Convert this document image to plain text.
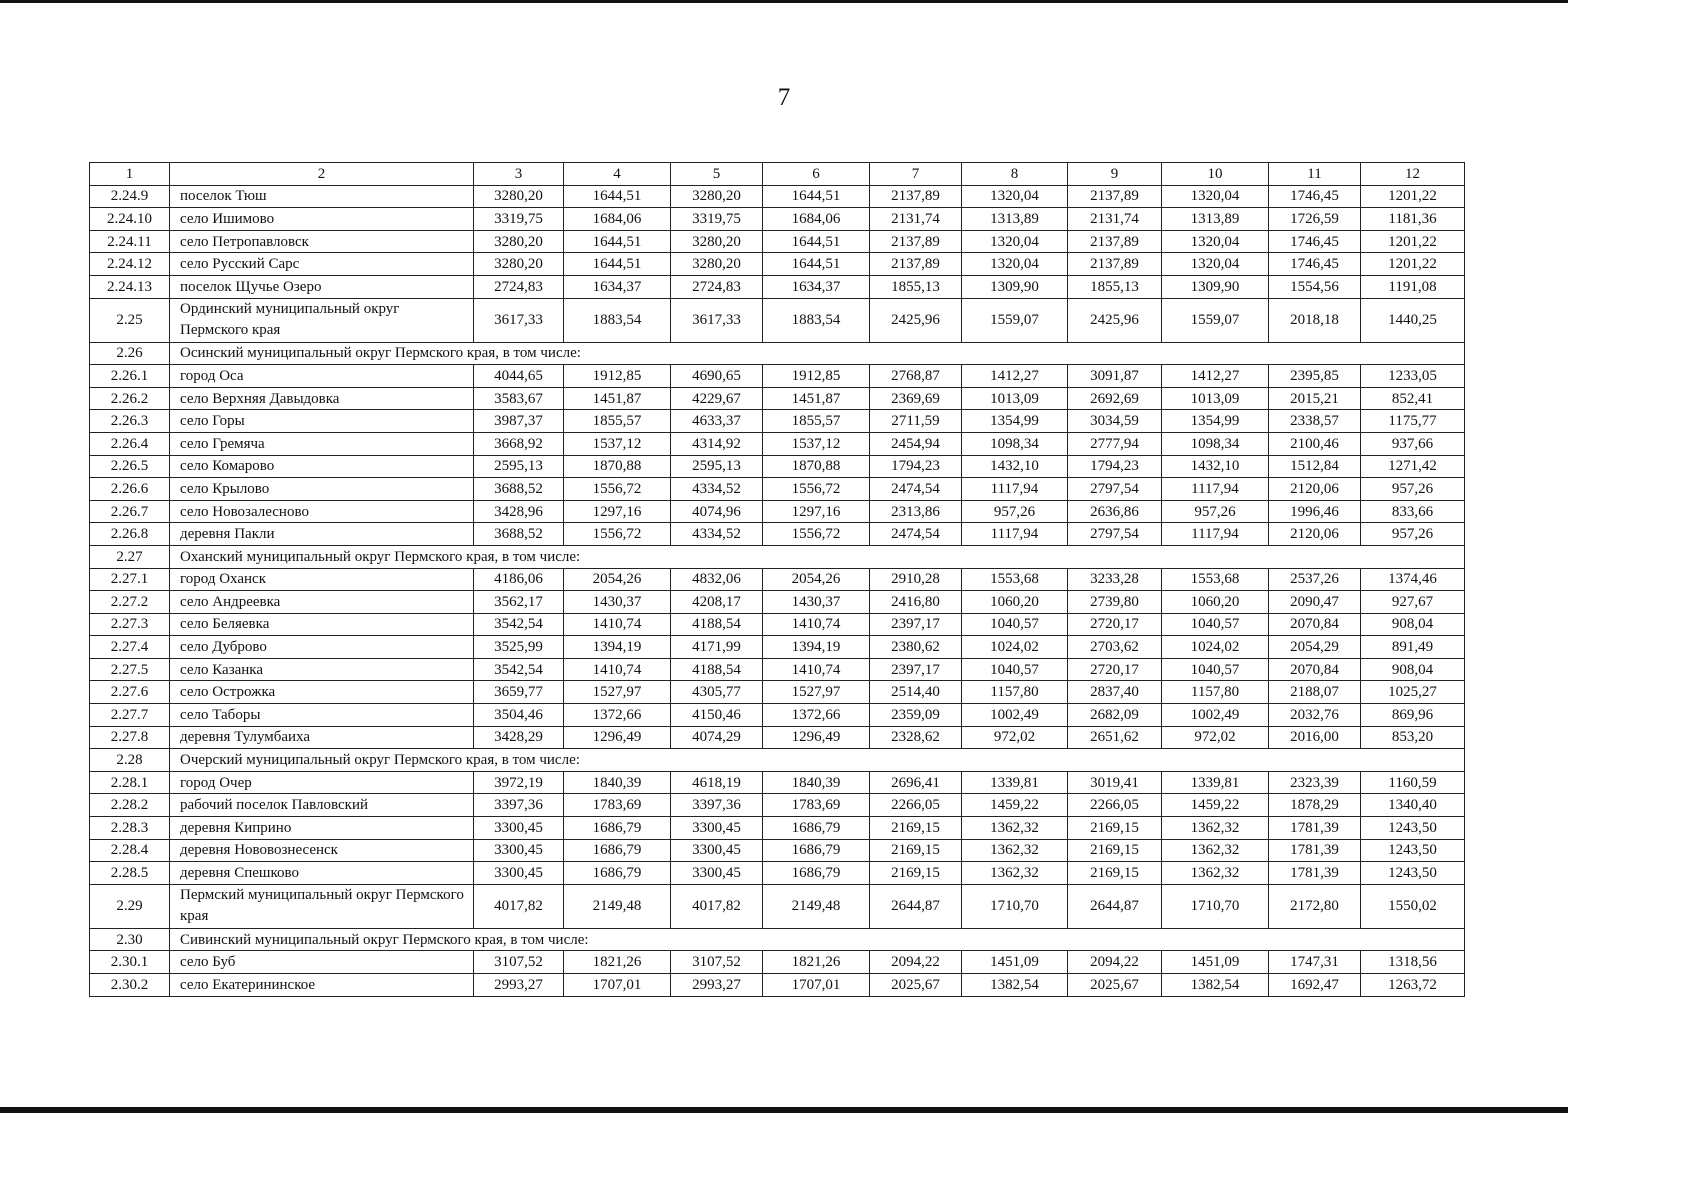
7
1	2	3	4	5	6	7	8	9	10	11	12
2.24.9	поселок Тюш	3280,20	1644,51	3280,20	1644,51	2137,89	1320,04	2137,89	1320,04	1746,45	1201,22
2.24.10	село Ишимово	3319,75	1684,06	3319,75	1684,06	2131,74	1313,89	2131,74	1313,89	1726,59	1181,36
2.24.11	село Петропавловск	3280,20	1644,51	3280,20	1644,51	2137,89	1320,04	2137,89	1320,04	1746,45	1201,22
2.24.12	село Русский Сарс	3280,20	1644,51	3280,20	1644,51	2137,89	1320,04	2137,89	1320,04	1746,45	1201,22
2.24.13	поселок Щучье Озеро	2724,83	1634,37	2724,83	1634,37	1855,13	1309,90	1855,13	1309,90	1554,56	1191,08
2.25	Ординский муниципальный округ Пермского края	3617,33	1883,54	3617,33	1883,54	2425,96	1559,07	2425,96	1559,07	2018,18	1440,25
2.26	Осинский муниципальный округ Пермского края, в том числе:										
2.26.1	город Оса	4044,65	1912,85	4690,65	1912,85	2768,87	1412,27	3091,87	1412,27	2395,85	1233,05
2.26.2	село Верхняя Давыдовка	3583,67	1451,87	4229,67	1451,87	2369,69	1013,09	2692,69	1013,09	2015,21	852,41
2.26.3	село Горы	3987,37	1855,57	4633,37	1855,57	2711,59	1354,99	3034,59	1354,99	2338,57	1175,77
2.26.4	село Гремяча	3668,92	1537,12	4314,92	1537,12	2454,94	1098,34	2777,94	1098,34	2100,46	937,66
2.26.5	село Комарово	2595,13	1870,88	2595,13	1870,88	1794,23	1432,10	1794,23	1432,10	1512,84	1271,42
2.26.6	село Крылово	3688,52	1556,72	4334,52	1556,72	2474,54	1117,94	2797,54	1117,94	2120,06	957,26
2.26.7	село Новозалесново	3428,96	1297,16	4074,96	1297,16	2313,86	957,26	2636,86	957,26	1996,46	833,66
2.26.8	деревня Пакли	3688,52	1556,72	4334,52	1556,72	2474,54	1117,94	2797,54	1117,94	2120,06	957,26
2.27	Оханский муниципальный округ Пермского края, в том числе:										
2.27.1	город Оханск	4186,06	2054,26	4832,06	2054,26	2910,28	1553,68	3233,28	1553,68	2537,26	1374,46
2.27.2	село Андреевка	3562,17	1430,37	4208,17	1430,37	2416,80	1060,20	2739,80	1060,20	2090,47	927,67
2.27.3	село Беляевка	3542,54	1410,74	4188,54	1410,74	2397,17	1040,57	2720,17	1040,57	2070,84	908,04
2.27.4	село Дуброво	3525,99	1394,19	4171,99	1394,19	2380,62	1024,02	2703,62	1024,02	2054,29	891,49
2.27.5	село Казанка	3542,54	1410,74	4188,54	1410,74	2397,17	1040,57	2720,17	1040,57	2070,84	908,04
2.27.6	село Острожка	3659,77	1527,97	4305,77	1527,97	2514,40	1157,80	2837,40	1157,80	2188,07	1025,27
2.27.7	село Таборы	3504,46	1372,66	4150,46	1372,66	2359,09	1002,49	2682,09	1002,49	2032,76	869,96
2.27.8	деревня Тулумбаиха	3428,29	1296,49	4074,29	1296,49	2328,62	972,02	2651,62	972,02	2016,00	853,20
2.28	Очерский муниципальный округ Пермского края, в том числе:										
2.28.1	город Очер	3972,19	1840,39	4618,19	1840,39	2696,41	1339,81	3019,41	1339,81	2323,39	1160,59
2.28.2	рабочий поселок Павловский	3397,36	1783,69	3397,36	1783,69	2266,05	1459,22	2266,05	1459,22	1878,29	1340,40
2.28.3	деревня Киприно	3300,45	1686,79	3300,45	1686,79	2169,15	1362,32	2169,15	1362,32	1781,39	1243,50
2.28.4	деревня Нововознесенск	3300,45	1686,79	3300,45	1686,79	2169,15	1362,32	2169,15	1362,32	1781,39	1243,50
2.28.5	деревня Спешково	3300,45	1686,79	3300,45	1686,79	2169,15	1362,32	2169,15	1362,32	1781,39	1243,50
2.29	Пермский муниципальный округ Пермского края	4017,82	2149,48	4017,82	2149,48	2644,87	1710,70	2644,87	1710,70	2172,80	1550,02
2.30	Сивинский муниципальный округ Пермского края, в том числе:										
2.30.1	село Буб	3107,52	1821,26	3107,52	1821,26	2094,22	1451,09	2094,22	1451,09	1747,31	1318,56
2.30.2	село Екатерининское	2993,27	1707,01	2993,27	1707,01	2025,67	1382,54	2025,67	1382,54	1692,47	1263,72
